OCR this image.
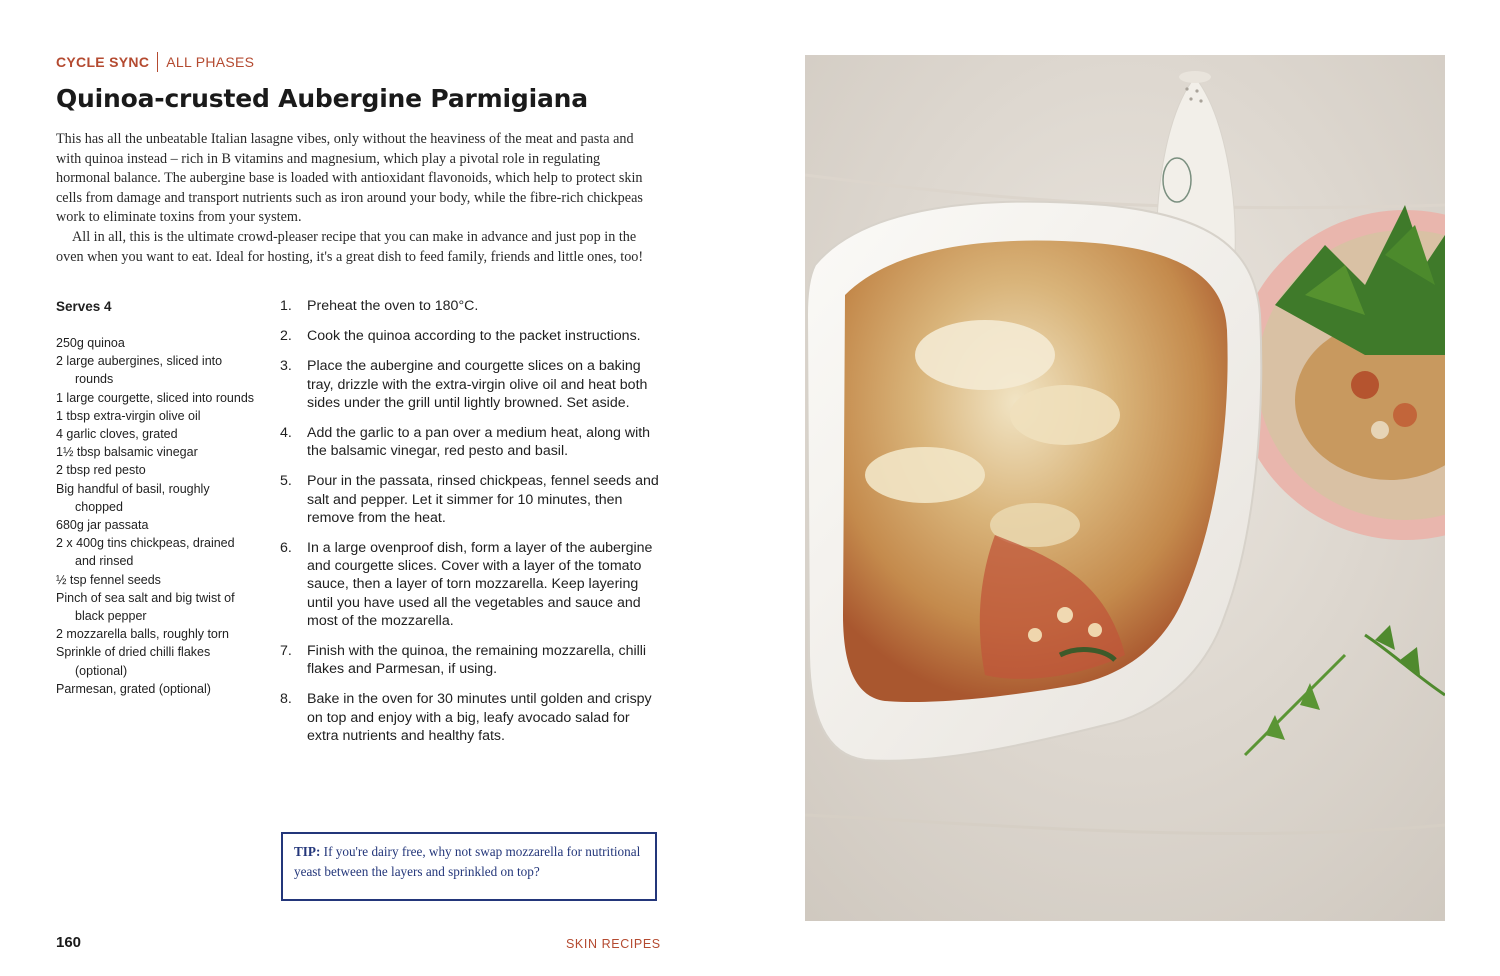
CYCLE SYNC ALL PHASES
Quinoa-crusted Aubergine Parmigiana

This has all the unbeatable Italian lasagne vibes, only without the heaviness of the meat and pasta and with quinoa instead – rich in B vitamins and magnesium, which play a pivotal role in regulating hormonal balance. The aubergine base is loaded with antioxidant flavonoids, which help to protect skin cells from damage and transport nutrients such as iron around your body, while the fibre-rich chickpeas work to eliminate toxins from your system.

All in all, this is the ultimate crowd-pleaser recipe that you can make in advance and just pop in the oven when you want to eat. Ideal for hosting, it's a great dish to feed family, friends and little ones, too!

Serves 4
250g quinoa
2 large aubergines, sliced into rounds
1 large courgette, sliced into rounds
1 tbsp extra-virgin olive oil
4 garlic cloves, grated
1½ tbsp balsamic vinegar
2 tbsp red pesto
Big handful of basil, roughly chopped
680g jar passata
2 x 400g tins chickpeas, drained and rinsed
½ tsp fennel seeds
Pinch of sea salt and big twist of black pepper
2 mozzarella balls, roughly torn
Sprinkle of dried chilli flakes (optional)
Parmesan, grated (optional)
1.	Preheat the oven to 180°C.
2.	Cook the quinoa according to the packet instructions.
3.	Place the aubergine and courgette slices on a baking tray, drizzle with the extra-virgin olive oil and heat both sides under the grill until lightly browned. Set aside.
4.	Add the garlic to a pan over a medium heat, along with the balsamic vinegar, red pesto and basil.
5.	Pour in the passata, rinsed chickpeas, fennel seeds and salt and pepper. Let it simmer for 10 minutes, then remove from the heat.
6.	In a large ovenproof dish, form a layer of the aubergine and courgette slices. Cover with a layer of the tomato sauce, then a layer of torn mozzarella. Keep layering until you have used all the vegetables and sauce and most of the mozzarella.
7.	Finish with the quinoa, the remaining mozzarella, chilli flakes and Parmesan, if using.
8.	Bake in the oven for 30 minutes until golden and crispy on top and enjoy with a big, leafy avocado salad for extra nutrients and healthy fats.
TIP: If you're dairy free, why not swap mozzarella for nutritional yeast between the layers and sprinkled on top?
160	SKIN RECIPES
